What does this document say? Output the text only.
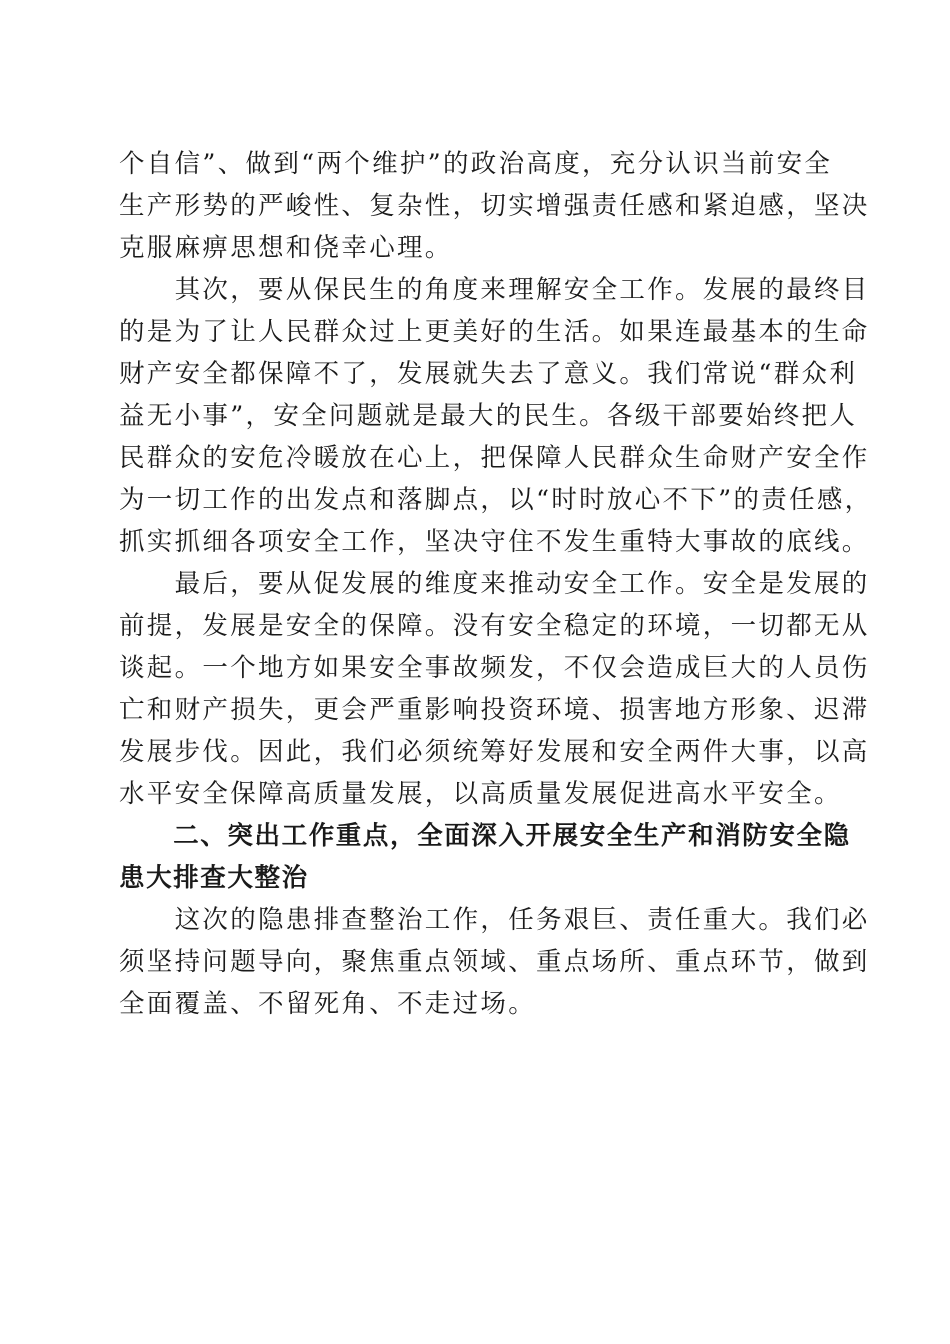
个自信”、做到“两个维护”的政治高度，充分认识当前安全
生产形势的严峻性、复杂性，切实增强责任感和紧迫感，坚决
克服麻痹思想和侥幸心理。
　　其次，要从保民生的角度来理解安全工作。发展的最终目
的是为了让人民群众过上更美好的生活。如果连最基本的生命
财产安全都保障不了，发展就失去了意义。我们常说“群众利
益无小事”，安全问题就是最大的民生。各级干部要始终把人
民群众的安危冷暖放在心上，把保障人民群众生命财产安全作
为一切工作的出发点和落脚点，以“时时放心不下”的责任感，
抓实抓细各项安全工作，坚决守住不发生重特大事故的底线。
　　最后，要从促发展的维度来推动安全工作。安全是发展的
前提，发展是安全的保障。没有安全稳定的环境，一切都无从
谈起。一个地方如果安全事故频发，不仅会造成巨大的人员伤
亡和财产损失，更会严重影响投资环境、损害地方形象、迟滞
发展步伐。因此，我们必须统筹好发展和安全两件大事，以高
水平安全保障高质量发展，以高质量发展促进高水平安全。
　　二、突出工作重点，全面深入开展安全生产和消防安全隐
患大排查大整治
　　这次的隐患排查整治工作，任务艰巨、责任重大。我们必
须坚持问题导向，聚焦重点领域、重点场所、重点环节，做到
全面覆盖、不留死角、不走过场。
